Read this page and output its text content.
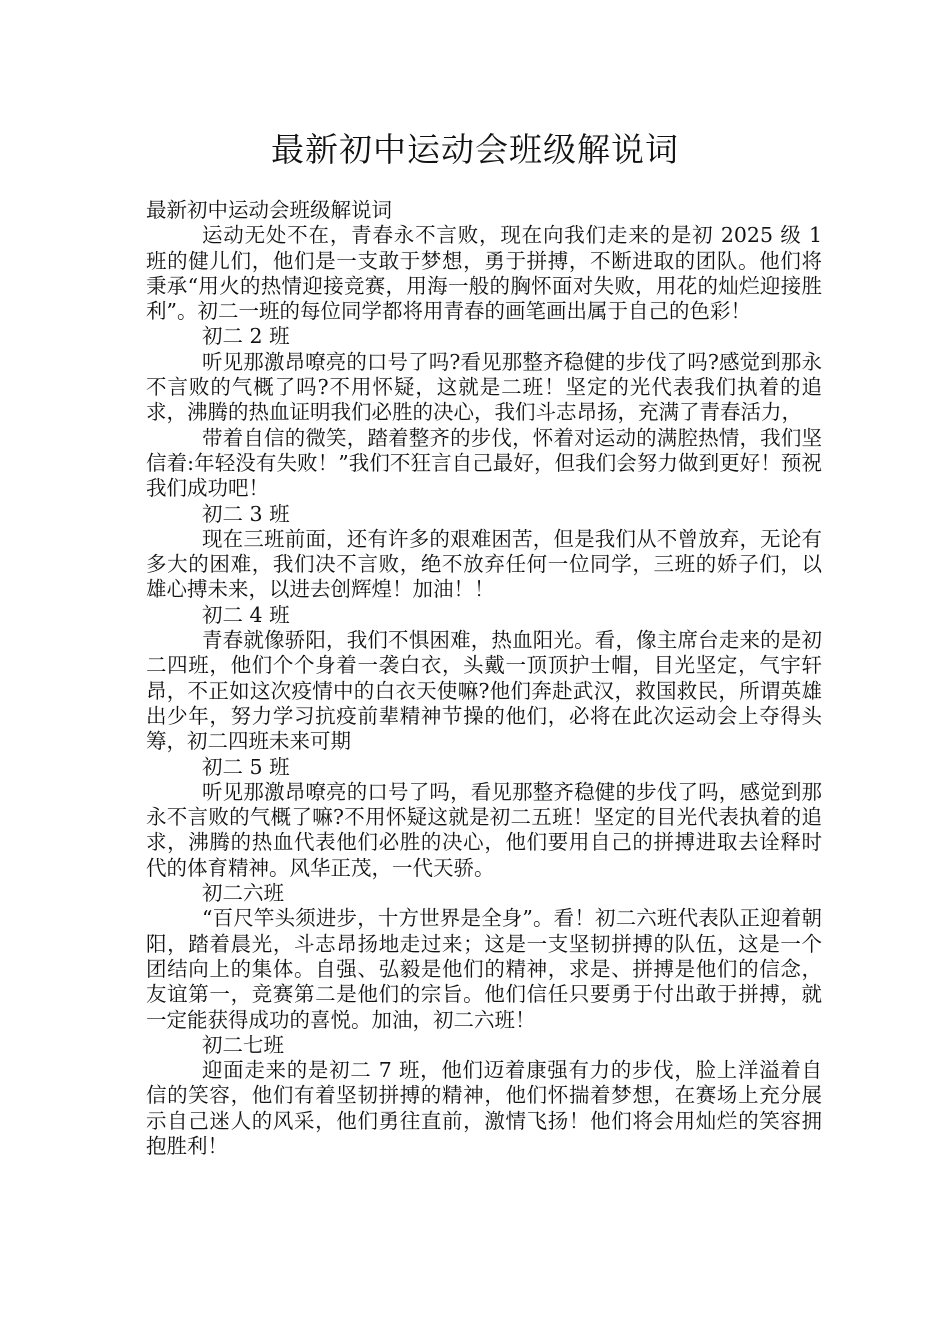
最新初中运动会班级解说词

最新初中运动会班级解说词

运动无处不在，青春永不言败，现在向我们走来的是初 2025 级 1 班的健儿们，他们是一支敢于梦想，勇于拼搏，不断进取的团队。他们将秉承“用火的热情迎接竞赛，用海一般的胸怀面对失败，用花的灿烂迎接胜利”。初二一班的每位同学都将用青春的画笔画出属于自己的色彩！

初二 2 班

听见那激昂嘹亮的口号了吗?看见那整齐稳健的步伐了吗?感觉到那永不言败的气概了吗?不用怀疑，这就是二班！坚定的光代表我们执着的追求，沸腾的热血证明我们必胜的决心，我们斗志昂扬，充满了青春活力，

带着自信的微笑，踏着整齐的步伐，怀着对运动的满腔热情，我们坚信着:年轻没有失败！”我们不狂言自己最好，但我们会努力做到更好！预祝我们成功吧！

初二 3 班

现在三班前面，还有许多的艰难困苦，但是我们从不曾放弃，无论有多大的困难，我们决不言败，绝不放弃任何一位同学，三班的娇子们，以雄心搏未来，以进去创辉煌！加油！！

初二 4 班

青春就像骄阳，我们不惧困难，热血阳光。看，像主席台走来的是初二四班，他们个个身着一袭白衣，头戴一顶顶护士帽，目光坚定，气宇轩昂，不正如这次疫情中的白衣天使嘛?他们奔赴武汉，救国救民，所谓英雄出少年，努力学习抗疫前辈精神节操的他们，必将在此次运动会上夺得头筹，初二四班未来可期

初二 5 班

听见那激昂嘹亮的口号了吗，看见那整齐稳健的步伐了吗，感觉到那永不言败的气概了嘛?不用怀疑这就是初二五班！坚定的目光代表执着的追求，沸腾的热血代表他们必胜的决心，他们要用自己的拼搏进取去诠释时代的体育精神。风华正茂，一代天骄。

初二六班

“百尺竿头须进步，十方世界是全身”。看！初二六班代表队正迎着朝阳，踏着晨光，斗志昂扬地走过来；这是一支坚韧拼搏的队伍，这是一个团结向上的集体。自强、弘毅是他们的精神，求是、拼搏是他们的信念，友谊第一，竞赛第二是他们的宗旨。他们信任只要勇于付出敢于拼搏，就一定能获得成功的喜悦。加油，初二六班！

初二七班

迎面走来的是初二 7 班，他们迈着康强有力的步伐，脸上洋溢着自信的笑容，他们有着坚韧拼搏的精神，他们怀揣着梦想，在赛场上充分展示自己迷人的风采，他们勇往直前，激情飞扬！他们将会用灿烂的笑容拥抱胜利！
